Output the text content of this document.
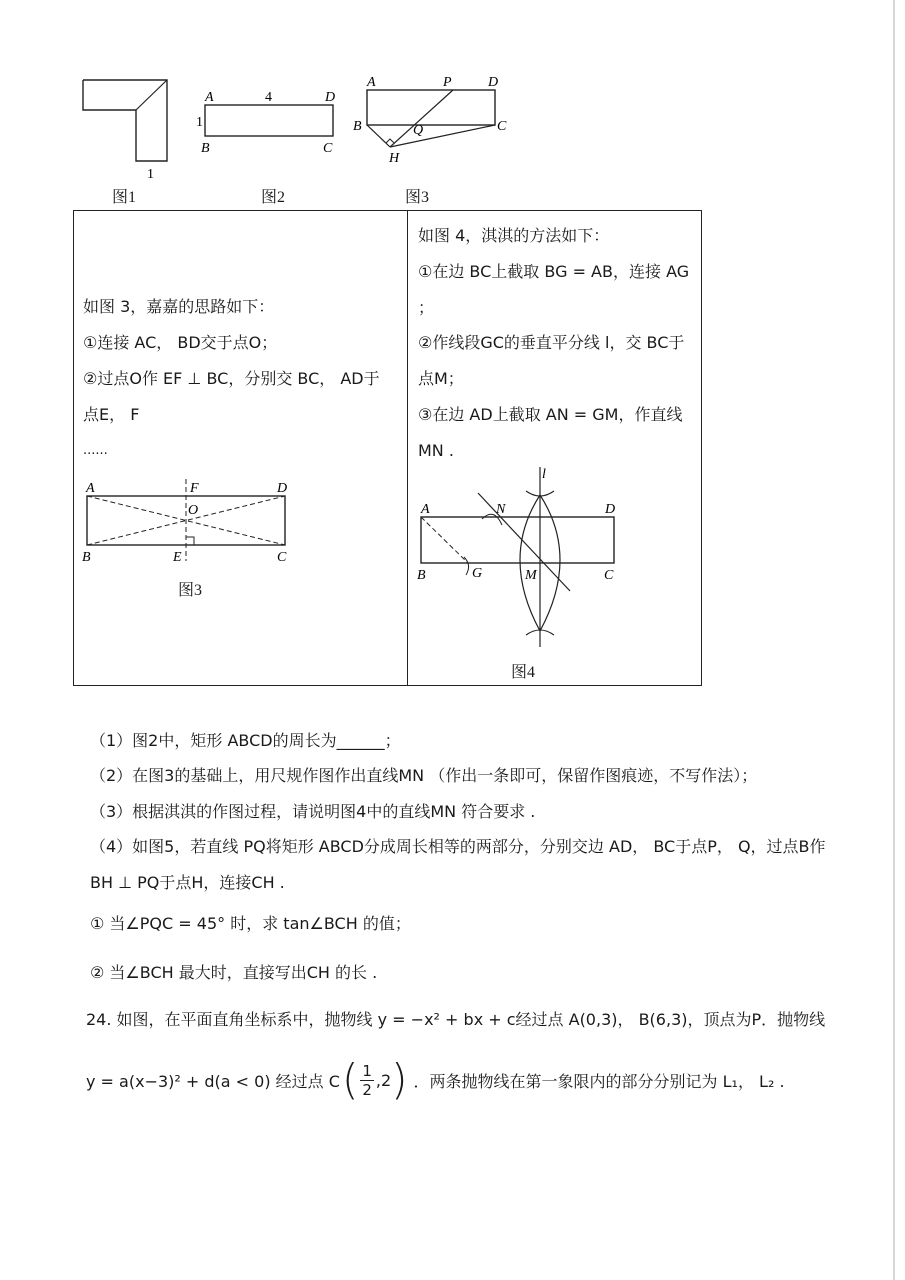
1
图1
A	4	D
1
B	C
图2
A	P	D
B	Q	C
H
图3
如图 3，嘉嘉的思路如下：
①连接 AC， BD交于点O；
②过点O作 EF ⊥ BC，分别交 BC， AD于
点E， F
......
A	F	D
O
B	E	C
图3
如图 4，淇淇的方法如下：
①在边 BC上截取 BG = AB，连接 AG
；
②作线段GC的垂直平分线 l，交 BC于
点M；
③在边 AD上截取 AN = GM，作直线
MN .
l
A	N	D
B	G	M	C
图4
（1）图2中，矩形 ABCD的周长为______；
（2）在图3的基础上，用尺规作图作出直线MN （作出一条即可，保留作图痕迹，不写作法）；
（3）根据淇淇的作图过程，请说明图4中的直线MN 符合要求 .
（4）如图5，若直线 PQ将矩形 ABCD分成周长相等的两部分，分别交边 AD， BC于点P， Q，过点B作
BH ⊥ PQ于点H，连接CH .
① 当∠PQC = 45° 时，求 tan∠BCH 的值；
② 当∠BCH 最大时，直接写出CH 的长 .
24. 如图，在平面直角坐标系中，抛物线 y = −x² + bx + c经过点 A(0,3)， B(6,3)，顶点为P．抛物线
y = a(x−3)² + d(a < 0) 经过点 C ( $\frac{1}{2} ,2$ ) ．两条抛物线在第一象限内的部分分别记为 L₁， L₂ .
